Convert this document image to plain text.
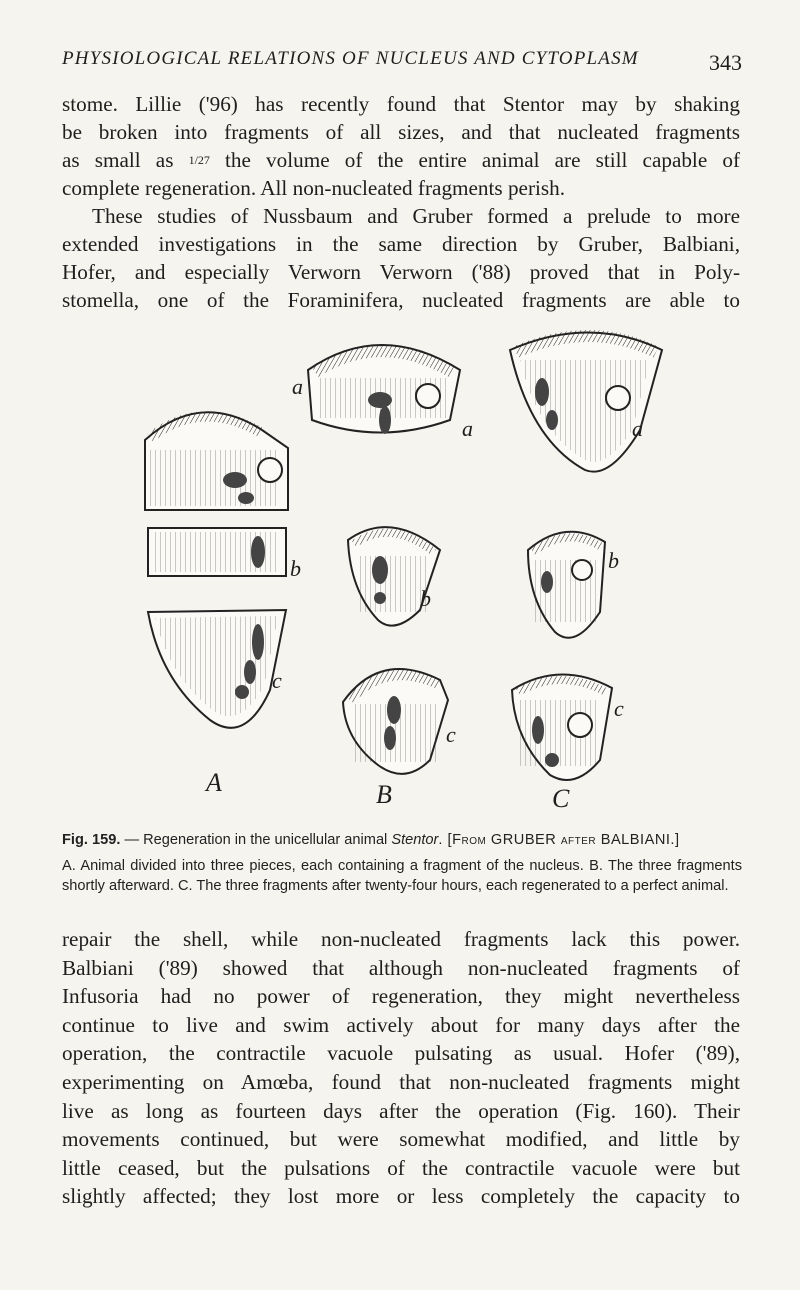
PHYSIOLOGICAL RELATIONS OF NUCLEUS AND CYTOPLASM	343
stome. Lillie ('96) has recently found that Stentor may by shaking
be broken into fragments of all sizes, and that nucleated fragments
as small as 1/27 the volume of the entire animal are still capable of
complete regeneration. All non-nucleated fragments perish.
These studies of Nussbaum and Gruber formed a prelude to more
extended investigations in the same direction by Gruber, Balbiani,
Hofer, and especially Verworn Verworn ('88) proved that in Poly-
stomella, one of the Foraminifera, nucleated fragments are able to
a
b
c
A
a
b
c
B
a
b
c
C
Fig. 159. — Regeneration in the unicellular animal Stentor. [From GRUBER after BALBIANI.]
A. Animal divided into three pieces, each containing a fragment of the nucleus. B. The three fragments shortly afterward. C. The three fragments after twenty-four hours, each regenerated to a perfect animal.
repair the shell, while non-nucleated fragments lack this power.
Balbiani ('89) showed that although non-nucleated fragments of
Infusoria had no power of regeneration, they might nevertheless
continue to live and swim actively about for many days after the
operation, the contractile vacuole pulsating as usual. Hofer ('89),
experimenting on Amœba, found that non-nucleated fragments might
live as long as fourteen days after the operation (Fig. 160). Their
movements continued, but were somewhat modified, and little by
little ceased, but the pulsations of the contractile vacuole were but
slightly affected; they lost more or less completely the capacity to
